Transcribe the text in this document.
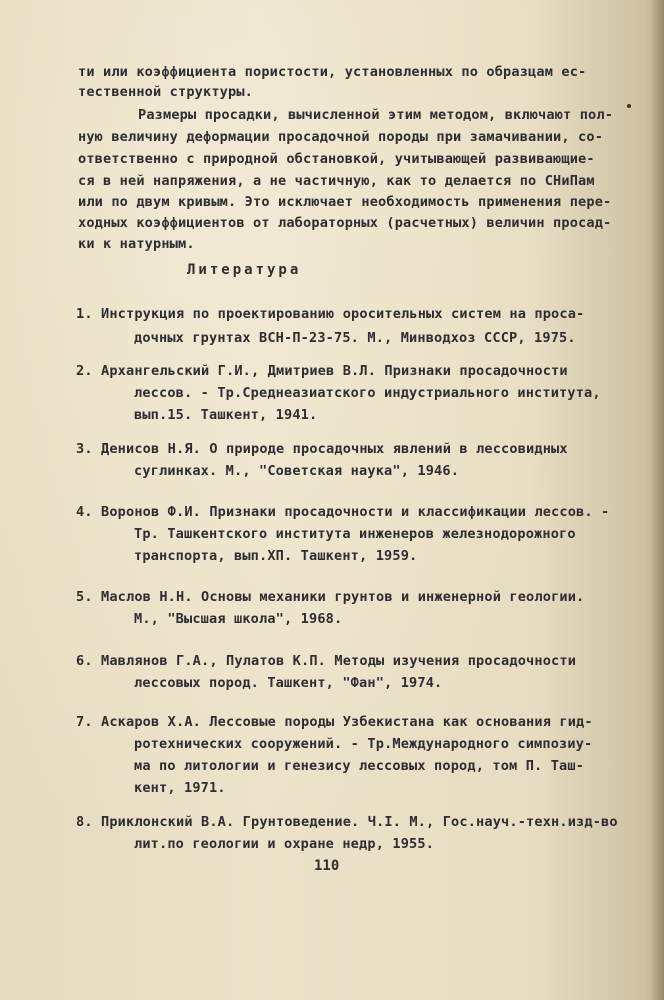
ти или коэффициента пористости, установленных по образцам ес-
тественной структуры.
Размеры просадки, вычисленной этим методом, включают пол-
ную величину деформации просадочной породы при замачивании, со-
ответственно с природной обстановкой, учитывающей развивающие-
ся в ней напряжения, а не частичную, как то делается по СНиПам
или по двум кривым. Это исключает необходимость применения пере-
ходных коэффициентов от лабораторных (расчетных) величин просад-
ки к натурным.
Литература
1. Инструкция по проектированию оросительных систем на проса-
дочных грунтах ВСН-П-23-75. М., Минводхоз СССР, 1975.
2. Архангельский Г.И., Дмитриев В.Л. Признаки просадочности
лессов. - Тр.Среднеазиатского индустриального института,
вып.15. Ташкент, 1941.
3. Денисов Н.Я. О природе просадочных явлений в лессовидных
суглинках. М., "Советская наука", 1946.
4. Воронов Ф.И. Признаки просадочности и классификации лессов. -
Тр. Ташкентского института инженеров железнодорожного
транспорта, вып.ХП. Ташкент, 1959.
5. Маслов Н.Н. Основы механики грунтов и инженерной геологии.
М., "Высшая школа", 1968.
6. Мавлянов Г.А., Пулатов К.П. Методы изучения просадочности
лессовых пород. Ташкент, "Фан", 1974.
7. Аскаров Х.А. Лессовые породы Узбекистана как основания гид-
ротехнических сооружений. - Тр.Международного симпозиу-
ма по литологии и генезису лессовых пород, том П. Таш-
кент, 1971.
8. Приклонский В.А. Грунтоведение. Ч.I. М., Гос.науч.-техн.изд-во
лит.по геологии и охране недр, 1955.
110
